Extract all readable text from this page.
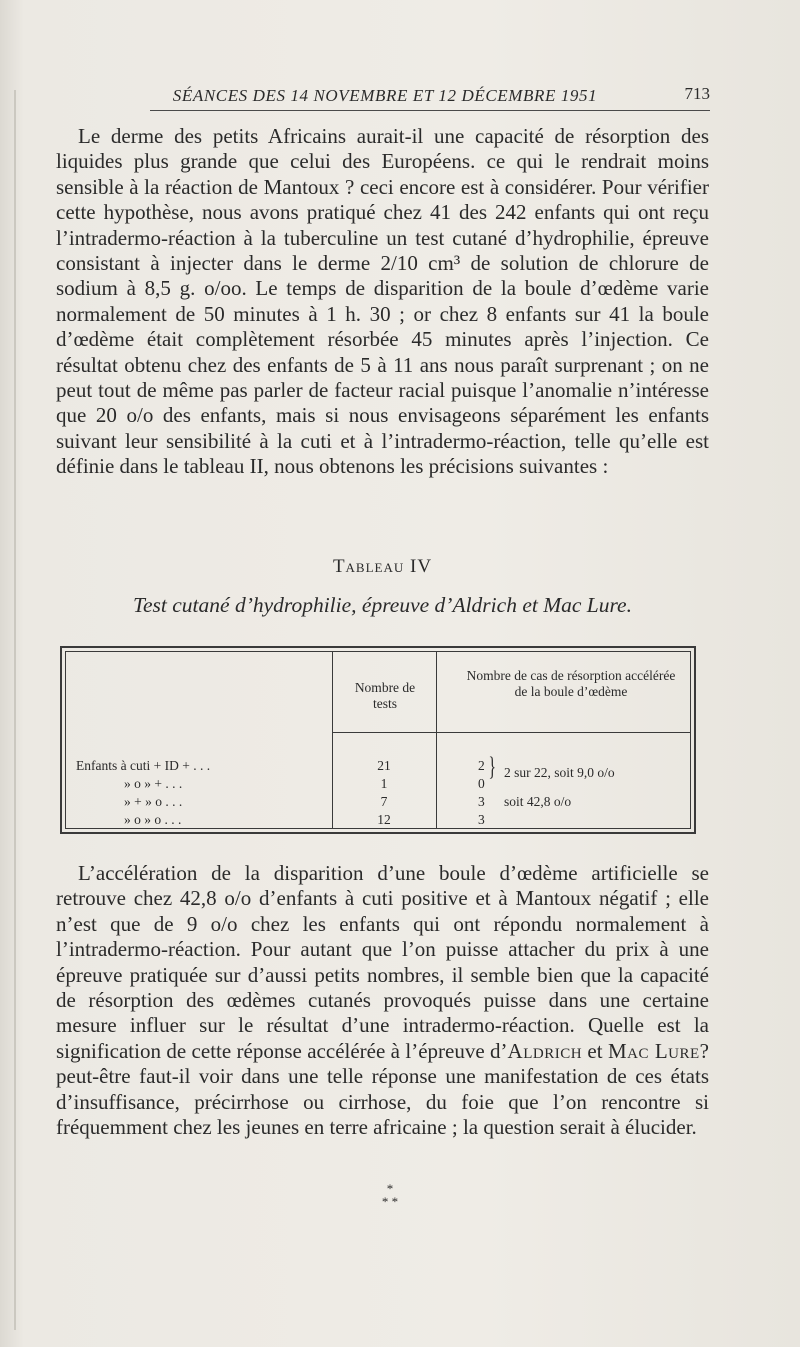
SÉANCES DES 14 NOVEMBRE ET 12 DÉCEMBRE 1951	713

Le derme des petits Africains aurait-il une capacité de résorption des liquides plus grande que celui des Européens. ce qui le rendrait moins sensible à la réaction de Mantoux ? ceci encore est à considérer. Pour vérifier cette hypothèse, nous avons pratiqué chez 41 des 242 enfants qui ont reçu l’intradermo-réaction à la tuberculine un test cutané d’hydrophilie, épreuve consistant à injecter dans le derme 2/10 cm³ de solution de chlorure de sodium à 8,5 g. o/oo. Le temps de disparition de la boule d’œdème varie normalement de 50 minutes à 1 h. 30 ; or chez 8 enfants sur 41 la boule d’œdème était complètement résorbée 45 minutes après l’injection. Ce résultat obtenu chez des enfants de 5 à 11 ans nous paraît surprenant ; on ne peut tout de même pas parler de facteur racial puisque l’anomalie n’intéresse que 20 o/o des enfants, mais si nous envisageons séparément les enfants suivant leur sensibilité à la cuti et à l’intradermo-réaction, telle qu’elle est définie dans le tableau II, nous obtenons les précisions suivantes :

Tableau IV
Test cutané d’hydrophilie, épreuve d’Aldrich et Mac Lure.
Nombre de tests
Nombre de cas de résorption accélérée de la boule d’œdème
Enfants à cuti + ID + . . .
» o » + . . .
» + » o . . .
» o » o . . .
21
1
7
12
2
0
3
3
} 2 sur 22, soit 9,0 o/o
soit 42,8 o/o

L’accélération de la disparition d’une boule d’œdème artificielle se retrouve chez 42,8 o/o d’enfants à cuti positive et à Mantoux négatif ; elle n’est que de 9 o/o chez les enfants qui ont répondu normalement à l’intradermo-réaction. Pour autant que l’on puisse attacher du prix à une épreuve pratiquée sur d’aussi petits nombres, il semble bien que la capacité de résorption des œdèmes cutanés provoqués puisse dans une certaine mesure influer sur le résultat d’une intradermo-réaction. Quelle est la signification de cette réponse accélérée à l’épreuve d’Aldrich et Mac Lure? peut-être faut-il voir dans une telle réponse une manifestation de ces états d’insuffisance, précirrhose ou cirrhose, du foie que l’on rencontre si fréquemment chez les jeunes en terre africaine ; la question serait à élucider.

*
* *
